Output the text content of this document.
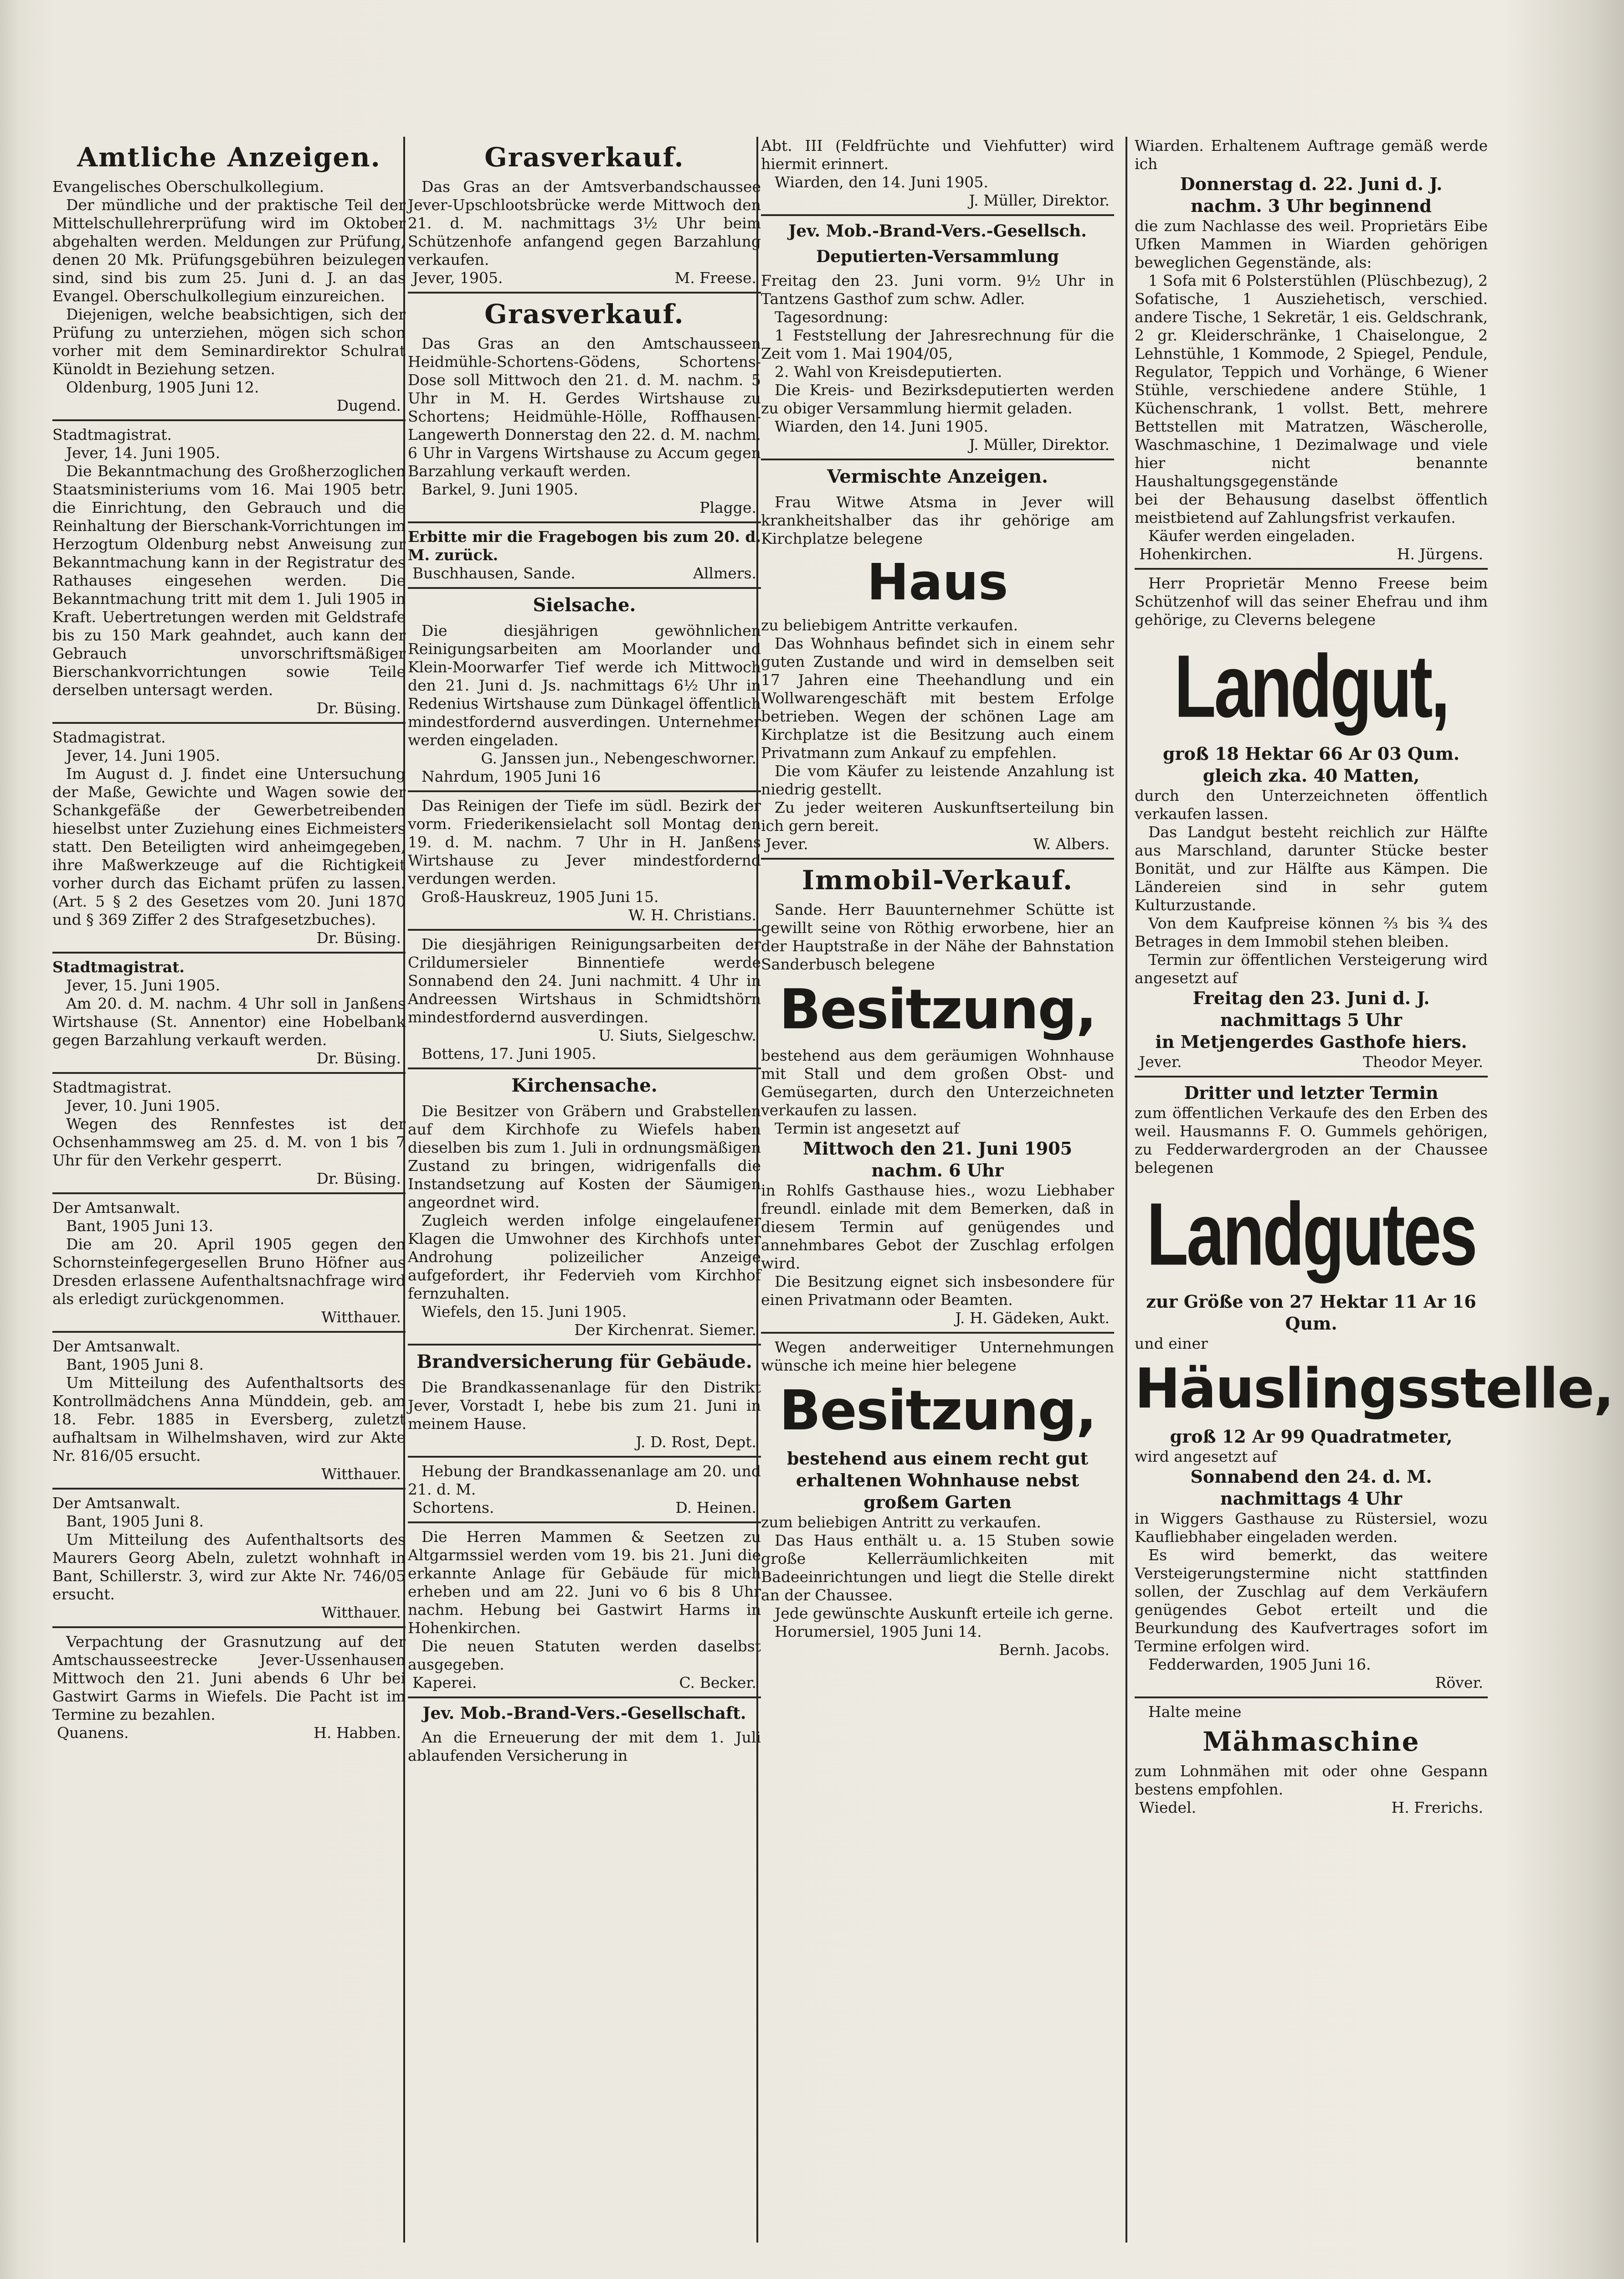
Amtliche Anzeigen.

Evangelisches Oberschulkollegium.

Der mündliche und der praktische Teil der Mittelschullehrerprüfung wird im Oktober abgehalten werden. Meldungen zur Prüfung, denen 20 Mk. Prüfungsgebühren beizulegen sind, sind bis zum 25. Juni d. J. an das Evangel. Oberschulkollegium einzureichen.

Diejenigen, welche beabsichtigen, sich der Prüfung zu unterziehen, mögen sich schon vorher mit dem Seminardirektor Schulrat Künoldt in Beziehung setzen.

Oldenburg, 1905 Juni 12.

Dugend.

Stadtmagistrat.

Jever, 14. Juni 1905.

Die Bekanntmachung des Großherzoglichen Staatsministeriums vom 16. Mai 1905 betr. die Einrichtung, den Gebrauch und die Reinhaltung der Bierschank-Vorrichtungen im Herzogtum Oldenburg nebst Anweisung zur Bekanntmachung kann in der Registratur des Rathauses eingesehen werden. Die Bekanntmachung tritt mit dem 1. Juli 1905 in Kraft. Uebertretungen werden mit Geldstrafe bis zu 150 Mark geahndet, auch kann der Gebrauch unvorschriftsmäßiger Bierschankvorrichtungen sowie Teile derselben untersagt werden.

Dr. Büsing.

Stadmagistrat.

Jever, 14. Juni 1905.

Im August d. J. findet eine Untersuchung der Maße, Gewichte und Wagen sowie der Schankgefäße der Gewerbetreibenden hieselbst unter Zuziehung eines Eichmeisters statt. Den Beteiligten wird anheimgegeben, ihre Maßwerkzeuge auf die Richtigkeit vorher durch das Eichamt prüfen zu lassen. (Art. 5 § 2 des Gesetzes vom 20. Juni 1870 und § 369 Ziffer 2 des Strafgesetzbuches).

Dr. Büsing.

Stadtmagistrat.

Jever, 15. Juni 1905.

Am 20. d. M. nachm. 4 Uhr soll in Janßens Wirtshause (St. Annentor) eine Hobelbank gegen Barzahlung verkauft werden.

Dr. Büsing.

Stadtmagistrat.

Jever, 10. Juni 1905.

Wegen des Rennfestes ist der Ochsenhammsweg am 25. d. M. von 1 bis 7 Uhr für den Verkehr gesperrt.

Dr. Büsing.

Der Amtsanwalt.

Bant, 1905 Juni 13.

Die am 20. April 1905 gegen den Schornsteinfegergesellen Bruno Höfner aus Dresden erlassene Aufenthaltsnachfrage wird als erledigt zurückgenommen.

Witthauer.

Der Amtsanwalt.

Bant, 1905 Juni 8.

Um Mitteilung des Aufenthaltsorts des Kontrollmädchens Anna Münddein, geb. am 18. Febr. 1885 in Eversberg, zuletzt aufhaltsam in Wilhelmshaven, wird zur Akte Nr. 816/05 ersucht.

Witthauer.

Der Amtsanwalt.

Bant, 1905 Juni 8.

Um Mitteilung des Aufenthaltsorts des Maurers Georg Abeln, zuletzt wohnhaft in Bant, Schillerstr. 3, wird zur Akte Nr. 746/05 ersucht.

Witthauer.

Verpachtung der Grasnutzung auf der Amtschausseestrecke Jever-Ussenhausen Mittwoch den 21. Juni abends 6 Uhr bei Gastwirt Garms in Wiefels. Die Pacht ist im Termine zu bezahlen.

Quanens.	H. Habben.
Grasverkauf.

Das Gras an der Amtsverbandschaussee Jever-Upschlootsbrücke werde Mittwoch den 21. d. M. nachmittags 3½ Uhr beim Schützenhofe anfangend gegen Barzahlung verkaufen.

Jever, 1905.	M. Freese.
Grasverkauf.

Das Gras an den Amtschausseen Heidmühle-Schortens-Gödens, Schortens-Dose soll Mittwoch den 21. d. M. nachm. 5 Uhr in M. H. Gerdes Wirtshause zu Schortens; Heidmühle-Hölle, Roffhausen-Langewerth Donnerstag den 22. d. M. nachm. 6 Uhr in Vargens Wirtshause zu Accum gegen Barzahlung verkauft werden.

Barkel, 9. Juni 1905.

Plagge.

Erbitte mir die Fragebogen bis zum 20. d. M. zurück.

Buschhausen, Sande.	Allmers.
Sielsache.

Die diesjährigen gewöhnlichen Reinigungsarbeiten am Moorlander und Klein-Moorwarfer Tief werde ich Mittwoch den 21. Juni d. Js. nachmittags 6½ Uhr in Redenius Wirtshause zum Dünkagel öffentlich mindestfordernd ausverdingen. Unternehmer werden eingeladen.

G. Janssen jun., Nebengeschworner.

Nahrdum, 1905 Juni 16

Das Reinigen der Tiefe im südl. Bezirk der vorm. Friederikensielacht soll Montag den 19. d. M. nachm. 7 Uhr in H. Janßens Wirtshause zu Jever mindestfordernd verdungen werden.

Groß-Hauskreuz, 1905 Juni 15.

W. H. Christians.

Die diesjährigen Reinigungsarbeiten der Crildumersieler Binnentiefe werde Sonnabend den 24. Juni nachmitt. 4 Uhr in Andreessen Wirtshaus in Schmidtshörn mindestfordernd ausverdingen.

U. Siuts, Sielgeschw.

Bottens, 17. Juni 1905.

Kirchensache.

Die Besitzer von Gräbern und Grabstellen auf dem Kirchhofe zu Wiefels haben dieselben bis zum 1. Juli in ordnungsmäßigen Zustand zu bringen, widrigenfalls die Instandsetzung auf Kosten der Säumigen angeordnet wird.

Zugleich werden infolge eingelaufener Klagen die Umwohner des Kirchhofs unter Androhung polizeilicher Anzeige aufgefordert, ihr Federvieh vom Kirchhof fernzuhalten.

Wiefels, den 15. Juni 1905.

Der Kirchenrat. Siemer.
Brandversicherung für Gebäude.

Die Brandkassenanlage für den Distrikt Jever, Vorstadt I, hebe bis zum 21. Juni in meinem Hause.

J. D. Rost, Dept.

Hebung der Brandkassenanlage am 20. und 21. d. M.

Schortens.	D. Heinen.

Die Herren Mammen & Seetzen zu Altgarmssiel werden vom 19. bis 21. Juni die erkannte Anlage für Gebäude für mich erheben und am 22. Juni vo 6 bis 8 Uhr nachm. Hebung bei Gastwirt Harms in Hohenkirchen.

Die neuen Statuten werden daselbst ausgegeben.

Kaperei.	C. Becker.
Jev. Mob.-Brand-Vers.-Gesellschaft.

An die Erneuerung der mit dem 1. Juli ablaufenden Versicherung in

Abt. III (Feldfrüchte und Viehfutter) wird hiermit erinnert.

Wiarden, den 14. Juni 1905.

J. Müller, Direktor.
Jev. Mob.-Brand-Vers.-Gesellsch.
Deputierten-Versammlung

Freitag den 23. Juni vorm. 9½ Uhr in Tantzens Gasthof zum schw. Adler.

Tagesordnung:

1 Feststellung der Jahresrechnung für die Zeit vom 1. Mai 1904/05,

2. Wahl von Kreisdeputierten.

Die Kreis- und Bezirksdeputierten werden zu obiger Versammlung hiermit geladen.

Wiarden, den 14. Juni 1905.

J. Müller, Direktor.
Vermischte Anzeigen.

Frau Witwe Atsma in Jever will krankheitshalber das ihr gehörige am Kirchplatze belegene

Haus

zu beliebigem Antritte verkaufen.

Das Wohnhaus befindet sich in einem sehr guten Zustande und wird in demselben seit 17 Jahren eine Theehandlung und ein Wollwarengeschäft mit bestem Erfolge betrieben. Wegen der schönen Lage am Kirchplatze ist die Besitzung auch einem Privatmann zum Ankauf zu empfehlen.

Die vom Käufer zu leistende Anzahlung ist niedrig gestellt.

Zu jeder weiteren Auskunftserteilung bin ich gern bereit.

Jever.	W. Albers.
Immobil-Verkauf.

Sande. Herr Bauunternehmer Schütte ist gewillt seine von Röthig erworbene, hier an der Hauptstraße in der Nähe der Bahnstation Sanderbusch belegene

Besitzung,

bestehend aus dem geräumigen Wohnhause mit Stall und dem großen Obst- und Gemüsegarten, durch den Unterzeichneten verkaufen zu lassen.

Termin ist angesetzt auf

Mittwoch den 21. Juni 1905
nachm. 6 Uhr

in Rohlfs Gasthause hies., wozu Liebhaber freundl. einlade mit dem Bemerken, daß in diesem Termin auf genügendes und annehmbares Gebot der Zuschlag erfolgen wird.

Die Besitzung eignet sich insbesondere für einen Privatmann oder Beamten.

J. H. Gädeken, Aukt.

Wegen anderweitiger Unternehmungen wünsche ich meine hier belegene

Besitzung,
bestehend aus einem recht gut erhaltenen Wohnhause nebst großem Garten

zum beliebigen Antritt zu verkaufen.

Das Haus enthält u. a. 15 Stuben sowie große Kellerräumlichkeiten mit Badeeinrichtungen und liegt die Stelle direkt an der Chaussee.

Jede gewünschte Auskunft erteile ich gerne.

Horumersiel, 1905 Juni 14.

Bernh. Jacobs.

Wiarden. Erhaltenem Auftrage gemäß werde ich

Donnerstag d. 22. Juni d. J.
nachm. 3 Uhr beginnend

die zum Nachlasse des weil. Proprietärs Eibe Ufken Mammen in Wiarden gehörigen beweglichen Gegenstände, als:

1 Sofa mit 6 Polsterstühlen (Plüschbezug), 2 Sofatische, 1 Ausziehetisch, verschied. andere Tische, 1 Sekretär, 1 eis. Geldschrank, 2 gr. Kleiderschränke, 1 Chaiselongue, 2 Lehnstühle, 1 Kommode, 2 Spiegel, Pendule, Regulator, Teppich und Vorhänge, 6 Wiener Stühle, verschiedene andere Stühle, 1 Küchenschrank, 1 vollst. Bett, mehrere Bettstellen mit Matratzen, Wäscherolle, Waschmaschine, 1 Dezimalwage und viele hier nicht benannte Haushaltungsgegenstände

bei der Behausung daselbst öffentlich meistbietend auf Zahlungsfrist verkaufen.

Käufer werden eingeladen.

Hohenkirchen.	H. Jürgens.

Herr Proprietär Menno Freese beim Schützenhof will das seiner Ehefrau und ihm gehörige, zu Cleverns belegene

Landgut,
groß 18 Hektar 66 Ar 03 Qum. gleich zka. 40 Matten,

durch den Unterzeichneten öffentlich verkaufen lassen.

Das Landgut besteht reichlich zur Hälfte aus Marschland, darunter Stücke bester Bonität, und zur Hälfte aus Kämpen. Die Ländereien sind in sehr gutem Kulturzustande.

Von dem Kaufpreise können ⅔ bis ¾ des Betrages in dem Immobil stehen bleiben.

Termin zur öffentlichen Versteigerung wird angesetzt auf

Freitag den 23. Juni d. J.
nachmittags 5 Uhr
in Metjengerdes Gasthofe hiers.
Jever.	Theodor Meyer.
Dritter und letzter Termin

zum öffentlichen Verkaufe des den Erben des weil. Hausmanns F. O. Gummels gehörigen, zu Fedderwardergroden an der Chaussee belegenen

Landgutes
zur Größe von 27 Hektar 11 Ar 16 Qum.

und einer

Häuslingsstelle,
groß 12 Ar 99 Quadratmeter,

wird angesetzt auf

Sonnabend den 24. d. M.
nachmittags 4 Uhr

in Wiggers Gasthause zu Rüstersiel, wozu Kaufliebhaber eingeladen werden.

Es wird bemerkt, das weitere Versteigerungstermine nicht stattfinden sollen, der Zuschlag auf dem Verkäufern genügendes Gebot erteilt und die Beurkundung des Kaufvertrages sofort im Termine erfolgen wird.

Fedderwarden, 1905 Juni 16.

Röver.

Halte meine

Mähmaschine

zum Lohnmähen mit oder ohne Gespann bestens empfohlen.

Wiedel.	H. Frerichs.
